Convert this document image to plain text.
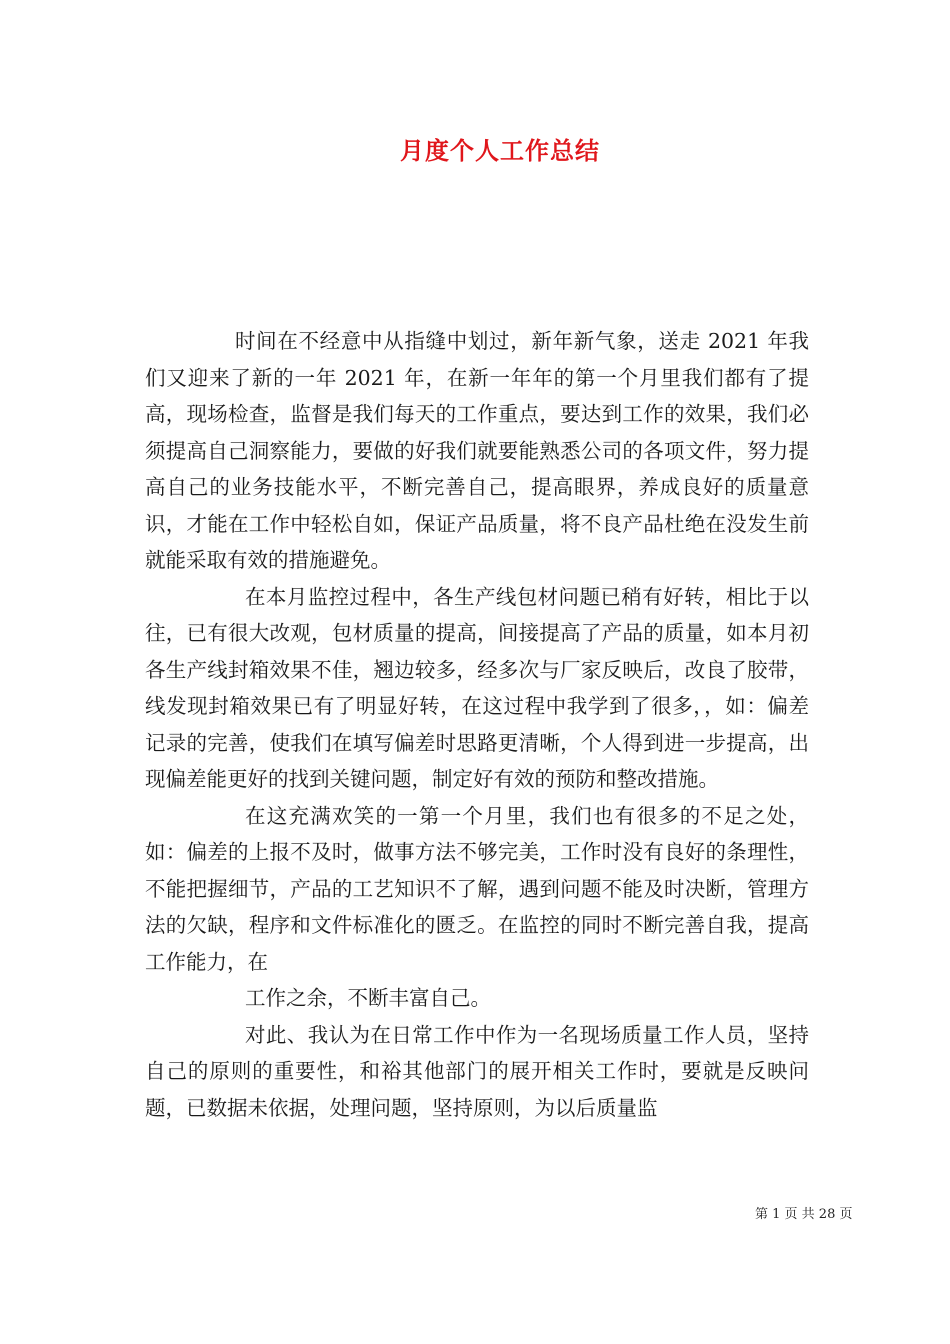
月度个人工作总结

时间在不经意中从指缝中划过，新年新气象，送走 2021 年我们又迎来了新的一年 2021 年，在新一年年的第一个月里我们都有了提高，现场检查，监督是我们每天的工作重点，要达到工作的效果，我们必须提高自己洞察能力，要做的好我们就要能熟悉公司的各项文件，努力提高自己的业务技能水平，不断完善自己，提高眼界，养成良好的质量意识，才能在工作中轻松自如，保证产品质量，将不良产品杜绝在没发生前就能采取有效的措施避免。

在本月监控过程中，各生产线包材问题已稍有好转，相比于以往，已有很大改观，包材质量的提高，间接提高了产品的质量，如本月初各生产线封箱效果不佳，翘边较多，经多次与厂家反映后，改良了胶带，线发现封箱效果已有了明显好转，在这过程中我学到了很多，，如：偏差记录的完善，使我们在填写偏差时思路更清晰，个人得到进一步提高，出现偏差能更好的找到关键问题，制定好有效的预防和整改措施。

在这充满欢笑的一第一个月里，我们也有很多的不足之处，如：偏差的上报不及时，做事方法不够完美，工作时没有良好的条理性，不能把握细节，产品的工艺知识不了解，遇到问题不能及时决断，管理方法的欠缺，程序和文件标准化的匮乏。在监控的同时不断完善自我，提高工作能力，在

工作之余，不断丰富自己。

对此、我认为在日常工作中作为一名现场质量工作人员，坚持自己的原则的重要性，和裕其他部门的展开相关工作时，要就是反映问题，已数据未依据，处理问题，坚持原则，为以后质量监

第 1 页 共 28 页
